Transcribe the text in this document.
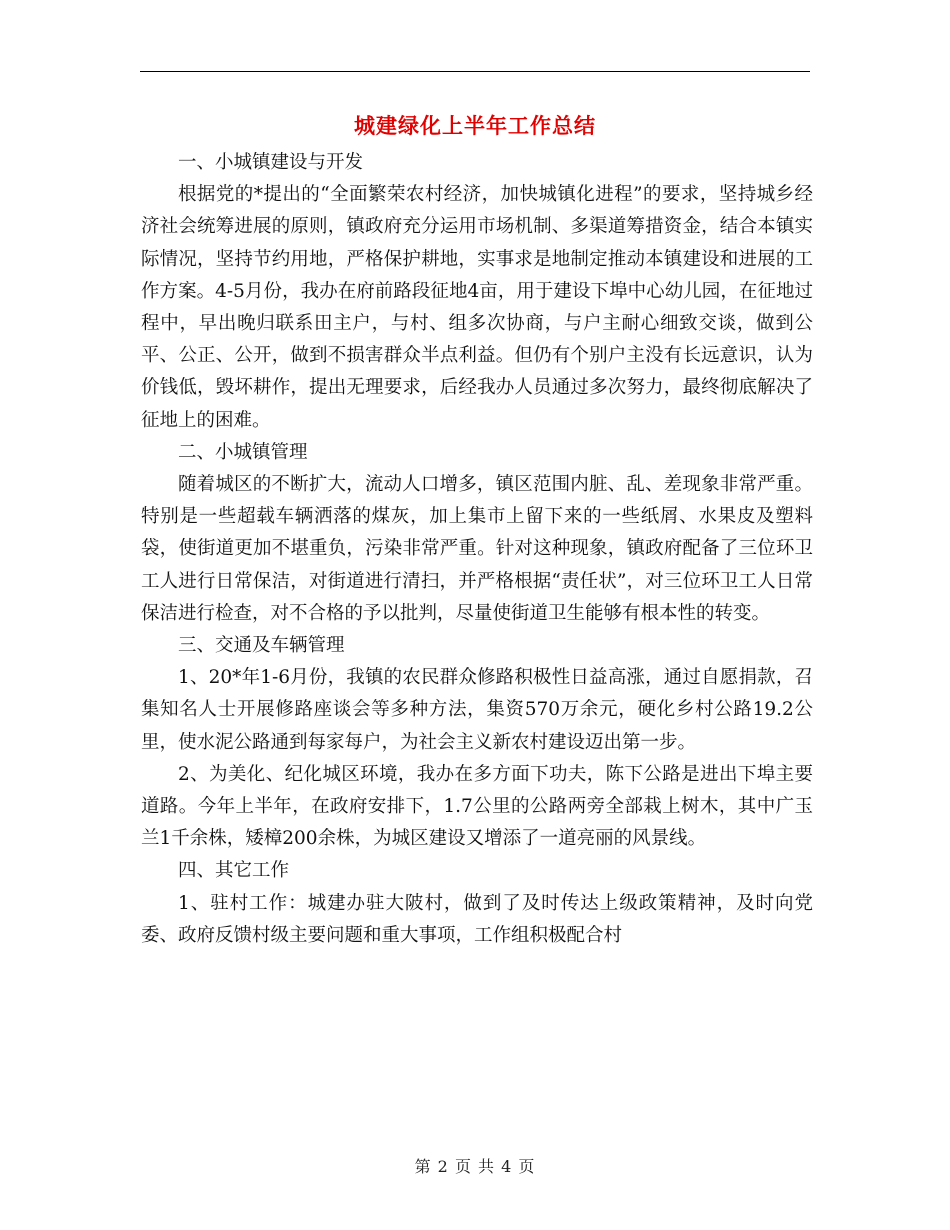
城建绿化上半年工作总结

一、小城镇建设与开发

根据党的*提出的“全面繁荣农村经济，加快城镇化进程”的要求，坚持城乡经济社会统筹进展的原则，镇政府充分运用市场机制、多渠道筹措资金，结合本镇实际情况，坚持节约用地，严格保护耕地，实事求是地制定推动本镇建设和进展的工作方案。4-5月份，我办在府前路段征地4亩，用于建设下埠中心幼儿园，在征地过程中，早出晚归联系田主户，与村、组多次协商，与户主耐心细致交谈，做到公平、公正、公开，做到不损害群众半点利益。但仍有个别户主没有长远意识，认为价钱低，毁坏耕作，提出无理要求，后经我办人员通过多次努力，最终彻底解决了征地上的困难。

二、小城镇管理

随着城区的不断扩大，流动人口增多，镇区范围内脏、乱、差现象非常严重。特别是一些超载车辆洒落的煤灰，加上集市上留下来的一些纸屑、水果皮及塑料袋，使街道更加不堪重负，污染非常严重。针对这种现象，镇政府配备了三位环卫工人进行日常保洁，对街道进行清扫，并严格根据“责任状”，对三位环卫工人日常保洁进行检查，对不合格的予以批判，尽量使街道卫生能够有根本性的转变。

三、交通及车辆管理

1、20*年1-6月份，我镇的农民群众修路积极性日益高涨，通过自愿捐款，召集知名人士开展修路座谈会等多种方法，集资570万余元，硬化乡村公路19.2公里，使水泥公路通到每家每户，为社会主义新农村建设迈出第一步。

2、为美化、纪化城区环境，我办在多方面下功夫，陈下公路是进出下埠主要道路。今年上半年，在政府安排下，1.7公里的公路两旁全部栽上树木，其中广玉兰1千余株，矮樟200余株，为城区建设又增添了一道亮丽的风景线。

四、其它工作

1、驻村工作：城建办驻大陂村，做到了及时传达上级政策精神，及时向党委、政府反馈村级主要问题和重大事项，工作组积极配合村

第 2 页 共 4 页
